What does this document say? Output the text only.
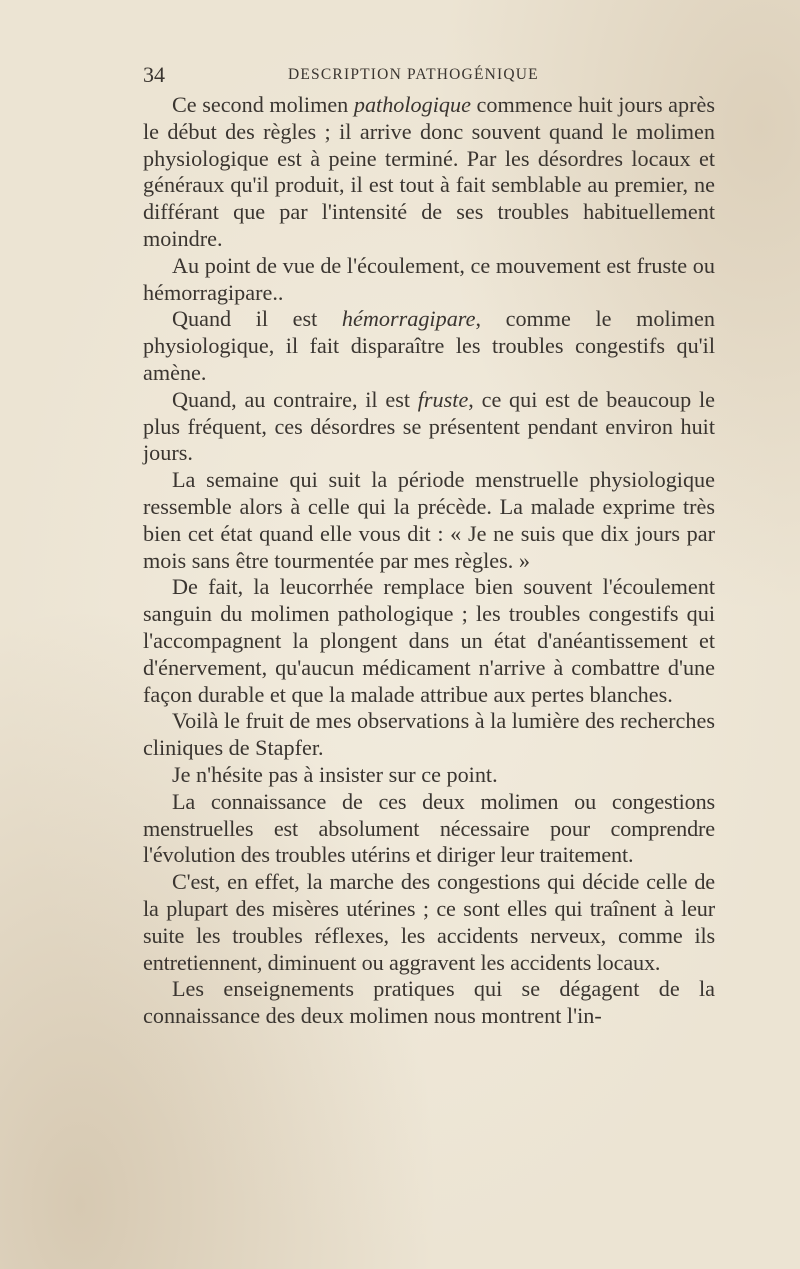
34	DESCRIPTION PATHOGÉNIQUE

Ce second molimen pathologique commence huit jours après le début des règles ; il arrive donc souvent quand le molimen physiologique est à peine terminé. Par les désordres locaux et généraux qu'il produit, il est tout à fait semblable au premier, ne différant que par l'intensité de ses troubles habituellement moindre.

Au point de vue de l'écoulement, ce mouvement est fruste ou hémorragipare..

Quand il est hémorragipare, comme le molimen physiologique, il fait disparaître les troubles congestifs qu'il amène.

Quand, au contraire, il est fruste, ce qui est de beaucoup le plus fréquent, ces désordres se présentent pendant environ huit jours.

La semaine qui suit la période menstruelle physiologique ressemble alors à celle qui la précède. La malade exprime très bien cet état quand elle vous dit : « Je ne suis que dix jours par mois sans être tourmentée par mes règles. »

De fait, la leucorrhée remplace bien souvent l'écoulement sanguin du molimen pathologique ; les troubles congestifs qui l'accompagnent la plongent dans un état d'anéantissement et d'énervement, qu'aucun médicament n'arrive à combattre d'une façon durable et que la malade attribue aux pertes blanches.

Voilà le fruit de mes observations à la lumière des recherches cliniques de Stapfer.

Je n'hésite pas à insister sur ce point.

La connaissance de ces deux molimen ou congestions menstruelles est absolument nécessaire pour comprendre l'évolution des troubles utérins et diriger leur traitement.

C'est, en effet, la marche des congestions qui décide celle de la plupart des misères utérines ; ce sont elles qui traînent à leur suite les troubles réflexes, les accidents nerveux, comme ils entretiennent, diminuent ou aggravent les accidents locaux.

Les enseignements pratiques qui se dégagent de la connaissance des deux molimen nous montrent l'in-
